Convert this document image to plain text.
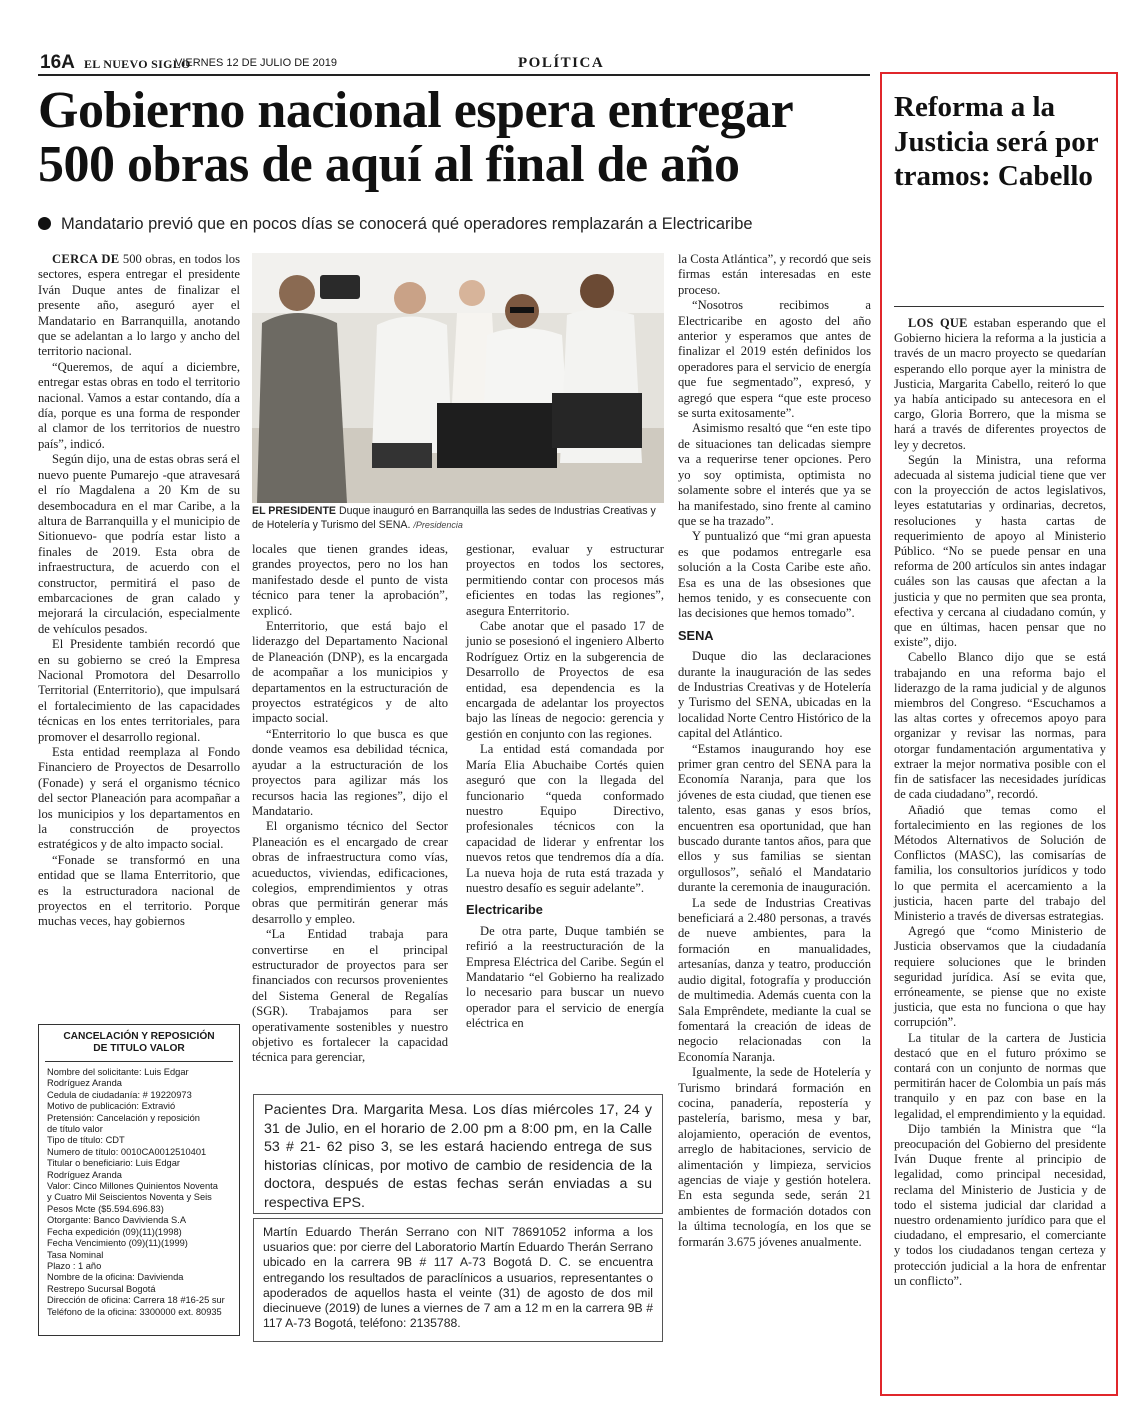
16A EL NUEVO SIGLO
VIERNES 12 DE JULIO DE 2019	POLÍTICA
Gobierno nacional espera entregar 500 obras de aquí al final de año
Mandatario previó que en pocos días se conocerá qué operadores remplazarán a Electricaribe

CERCA DE 500 obras, en todos los sectores, espera entregar el presidente Iván Duque antes de finalizar el presente año, aseguró ayer el Mandatario en Barranquilla, anotando que se adelantan a lo largo y ancho del territorio nacional.

“Queremos, de aquí a diciembre, entregar estas obras en todo el territorio nacional. Vamos a estar contando, día a día, porque es una forma de responder al clamor de los territorios de nuestro país”, indicó.

Según dijo, una de estas obras será el nuevo puente Pumarejo -que atravesará el río Magdalena a 20 Km de su desembocadura en el mar Caribe, a la altura de Barranquilla y el municipio de Sitionuevo- que podría estar listo a finales de 2019. Esta obra de infraestructura, de acuerdo con el constructor, permitirá el paso de embarcaciones de gran calado y mejorará la circulación, especialmente de vehículos pesados.

El Presidente también recordó que en su gobierno se creó la Empresa Nacional Promotora del Desarrollo Territorial (Enterritorio), que impulsará el fortalecimiento de las capacidades técnicas en los entes territoriales, para promover el desarrollo regional.

Esta entidad reemplaza al Fondo Financiero de Proyectos de Desarrollo (Fonade) y será el organismo técnico del sector Planeación para acompañar a los municipios y los departamentos en la construcción de proyectos estratégicos y de alto impacto social.

“Fonade se transformó en una entidad que se llama Enterritorio, que es la estructuradora nacional de proyectos en el territorio. Porque muchas veces, hay gobiernos

EL PRESIDENTE Duque inauguró en Barranquilla las sedes de Industrias Creativas y de Hotelería y Turismo del SENA. /Presidencia

locales que tienen grandes ideas, grandes proyectos, pero no los han manifestado desde el punto de vista técnico para tener la aprobación”, explicó.

Enterritorio, que está bajo el liderazgo del Departamento Nacional de Planeación (DNP), es la encargada de acompañar a los municipios y departamentos en la estructuración de proyectos estratégicos y de alto impacto social.

“Enterritorio lo que busca es que donde veamos esa debilidad técnica, ayudar a la estructuración de los proyectos para agilizar más los recursos hacia las regiones”, dijo el Mandatario.

El organismo técnico del Sector Planeación es el encargado de crear obras de infraestructura como vías, acueductos, viviendas, edificaciones, colegios, emprendimientos y otras obras que permitirán generar más desarrollo y empleo.

“La Entidad trabaja para convertirse en el principal estructurador de proyectos para ser financiados con recursos provenientes del Sistema General de Regalías (SGR). Trabajamos para ser operativamente sostenibles y nuestro objetivo es fortalecer la capacidad técnica para gerenciar,

gestionar, evaluar y estructurar proyectos en todos los sectores, permitiendo contar con procesos más eficientes en todas las regiones”, asegura Enterritorio.

Cabe anotar que el pasado 17 de junio se posesionó el ingeniero Alberto Rodríguez Ortiz en la subgerencia de Desarrollo de Proyectos de esa entidad, esa dependencia es la encargada de adelantar los proyectos bajo las líneas de negocio: gerencia y gestión en conjunto con las regiones.

La entidad está comandada por María Elia Abuchaibe Cortés quien aseguró que con la llegada del funcionario “queda conformado nuestro Equipo Directivo, profesionales técnicos con la capacidad de liderar y enfrentar los nuevos retos que tendremos día a día. La nueva hoja de ruta está trazada y nuestro desafío es seguir adelante”.

Electricaribe

De otra parte, Duque también se refirió a la reestructuración de la Empresa Eléctrica del Caribe. Según el Mandatario “el Gobierno ha realizado lo necesario para buscar un nuevo operador para el servicio de energía eléctrica en

la Costa Atlántica”, y recordó que seis firmas están interesadas en este proceso.

“Nosotros recibimos a Electricaribe en agosto del año anterior y esperamos que antes de finalizar el 2019 estén definidos los operadores para el servicio de energía que fue segmentado”, expresó, y agregó que espera “que este proceso se surta exitosamente”.

Asimismo resaltó que “en este tipo de situaciones tan delicadas siempre va a requerirse tener opciones. Pero yo soy optimista, optimista no solamente sobre el interés que ya se ha manifestado, sino frente al camino que se ha trazado”.

Y puntualizó que “mi gran apuesta es que podamos entregarle esa solución a la Costa Caribe este año. Esa es una de las obsesiones que hemos tenido, y es consecuente con las decisiones que hemos tomado”.

SENA

Duque dio las declaraciones durante la inauguración de las sedes de Industrias Creativas y de Hotelería y Turismo del SENA, ubicadas en la localidad Norte Centro Histórico de la capital del Atlántico.

“Estamos inaugurando hoy ese primer gran centro del SENA para la Economía Naranja, para que los jóvenes de esta ciudad, que tienen ese talento, esas ganas y esos bríos, encuentren esa oportunidad, que han buscado durante tantos años, para que ellos y sus familias se sientan orgullosos”, señaló el Mandatario durante la ceremonia de inauguración.

La sede de Industrias Creativas beneficiará a 2.480 personas, a través de nueve ambientes, para la formación en manualidades, artesanías, danza y teatro, producción audio digital, fotografía y producción de multimedia. Además cuenta con la Sala Emprêndete, mediante la cual se fomentará la creación de ideas de negocio relacionadas con la Economía Naranja.

Igualmente, la sede de Hotelería y Turismo brindará formación en cocina, panadería, repostería y pastelería, barismo, mesa y bar, alojamiento, operación de eventos, arreglo de habitaciones, servicio de alimentación y limpieza, servicios agencias de viaje y gestión hotelera. En esta segunda sede, serán 21 ambientes de formación dotados con la última tecnología, en los que se formarán 3.675 jóvenes anualmente.

CANCELACIÓN Y REPOSICIÓN DE TITULO VALOR
Nombre del solicitante: Luis Edgar
Rodríguez Aranda
Cedula de ciudadanía: # 19220973
Motivo de publicación: Extravió
Pretensión: Cancelación y reposición
de título valor
Tipo de título: CDT
Numero de título: 0010CA0012510401
Titular o beneficiario: Luis Edgar
Rodríguez Aranda
Valor: Cinco Millones Quinientos Noventa
y Cuatro Mil Seiscientos Noventa y Seis
Pesos Mcte ($5.594.696.83)
Otorgante: Banco Davivienda S.A
Fecha expedición (09)(11)(1998)
Fecha Vencimiento (09)(11)(1999)
Tasa Nominal
Plazo : 1 año
Nombre de la oficina: Davivienda
Restrepo Sucursal Bogotá
Dirección de oficina: Carrera 18 #16-25 sur
Teléfono de la oficina: 3300000 ext. 80935
Pacientes Dra. Margarita Mesa. Los días miércoles 17, 24 y 31 de Julio, en el horario de 2.00 pm a 8:00 pm, en la Calle 53 # 21- 62 piso 3, se les estará haciendo entrega de sus historias clínicas, por motivo de cambio de residencia de la doctora, después de estas fechas serán enviadas a su respectiva EPS.
Martín Eduardo Therán Serrano con NIT 78691052 informa a los usuarios que: por cierre del Laboratorio Martín Eduardo Therán Serrano ubicado en la carrera 9B # 117 A-73 Bogotá D. C. se encuentra entregando los resultados de paraclínicos a usuarios, representantes o apoderados de aquellos hasta el veinte (31) de agosto de dos mil diecinueve (2019) de lunes a viernes de 7 am a 12 m en la carrera 9B # 117 A-73 Bogotá, teléfono: 2135788.
Reforma a la Justicia será por tramos: Cabello

LOS QUE estaban esperando que el Gobierno hiciera la reforma a la justicia a través de un macro proyecto se quedarían esperando ello porque ayer la ministra de Justicia, Margarita Cabello, reiteró lo que ya había anticipado su antecesora en el cargo, Gloria Borrero, que la misma se hará a través de diferentes proyectos de ley y decretos.

Según la Ministra, una reforma adecuada al sistema judicial tiene que ver con la proyección de actos legislativos, leyes estatutarias y ordinarias, decretos, resoluciones y hasta cartas de requerimiento de apoyo al Ministerio Público. “No se puede pensar en una reforma de 200 artículos sin antes indagar cuáles son las causas que afectan a la justicia y que no permiten que sea pronta, efectiva y cercana al ciudadano común, y que en últimas, hacen pensar que no existe”, dijo.

Cabello Blanco dijo que se está trabajando en una reforma bajo el liderazgo de la rama judicial y de algunos miembros del Congreso. “Escuchamos a las altas cortes y ofrecemos apoyo para organizar y revisar las normas, para otorgar fundamentación argumentativa y extraer la mejor normativa posible con el fin de satisfacer las necesidades jurídicas de cada ciudadano”, recordó.

Añadió que temas como el fortalecimiento en las regiones de los Métodos Alternativos de Solución de Conflictos (MASC), las comisarías de familia, los consultorios jurídicos y todo lo que permita el acercamiento a la justicia, hacen parte del trabajo del Ministerio a través de diversas estrategias.

Agregó que “como Ministerio de Justicia observamos que la ciudadanía requiere soluciones que le brinden seguridad jurídica. Así se evita que, erróneamente, se piense que no existe justicia, que esta no funciona o que hay corrupción”.

La titular de la cartera de Justicia destacó que en el futuro próximo se contará con un conjunto de normas que permitirán hacer de Colombia un país más tranquilo y en paz con base en la legalidad, el emprendimiento y la equidad.

Dijo también la Ministra que “la preocupación del Gobierno del presidente Iván Duque frente al principio de legalidad, como principal necesidad, reclama del Ministerio de Justicia y de todo el sistema judicial dar claridad a nuestro ordenamiento jurídico para que el ciudadano, el empresario, el comerciante y todos los ciudadanos tengan certeza y protección judicial a la hora de enfrentar un conflicto”.
